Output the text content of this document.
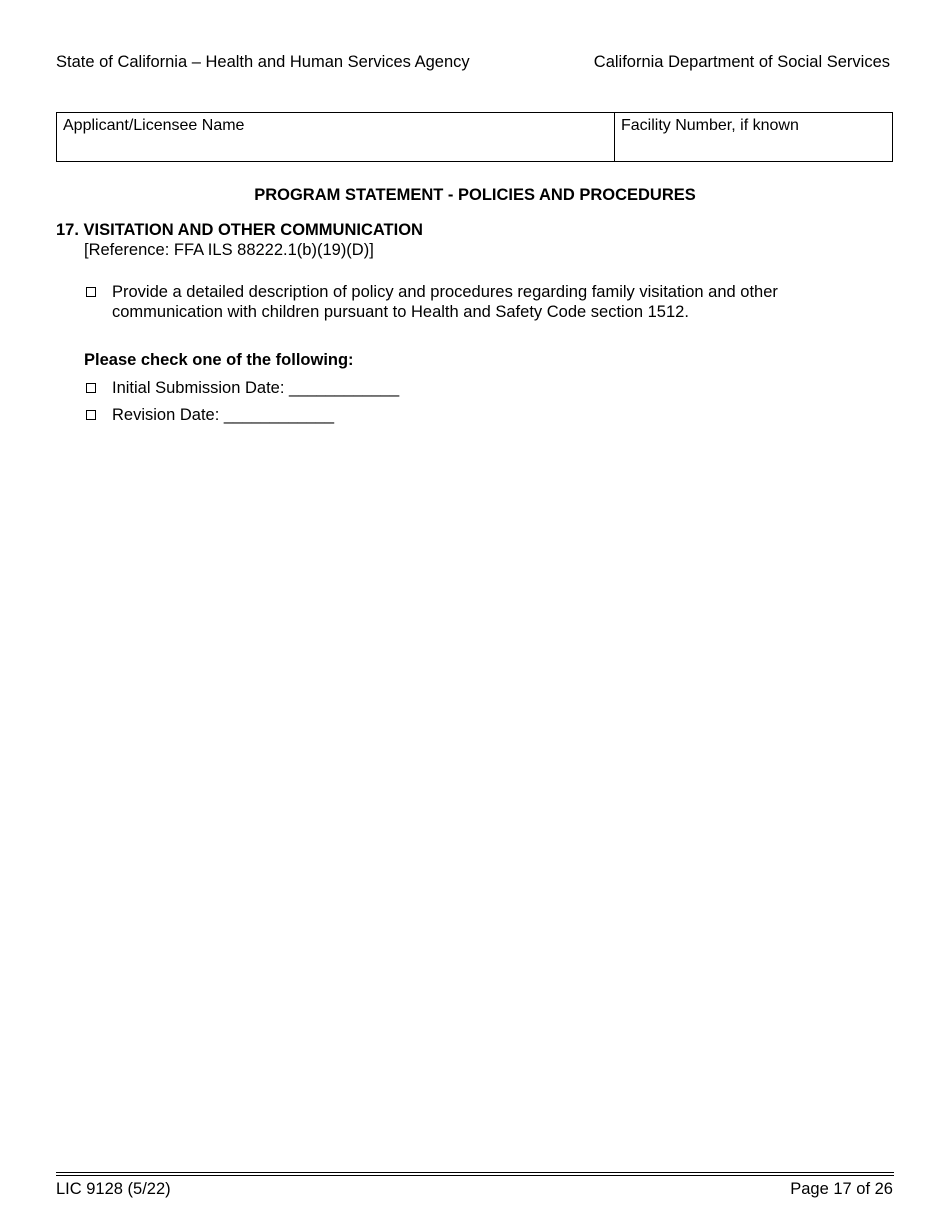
State of California – Health and Human Services Agency	California Department of Social Services
Applicant/Licensee Name	Facility Number, if known
PROGRAM STATEMENT - POLICIES AND PROCEDURES
17. VISITATION AND OTHER COMMUNICATION
[Reference: FFA ILS 88222.1(b)(19)(D)]
Provide a detailed description of policy and procedures regarding family visitation and other communication with children pursuant to Health and Safety Code section 1512.
Please check one of the following:
Initial Submission Date: ____________
Revision Date: ____________
LIC 9128 (5/22)	Page 17 of 26
